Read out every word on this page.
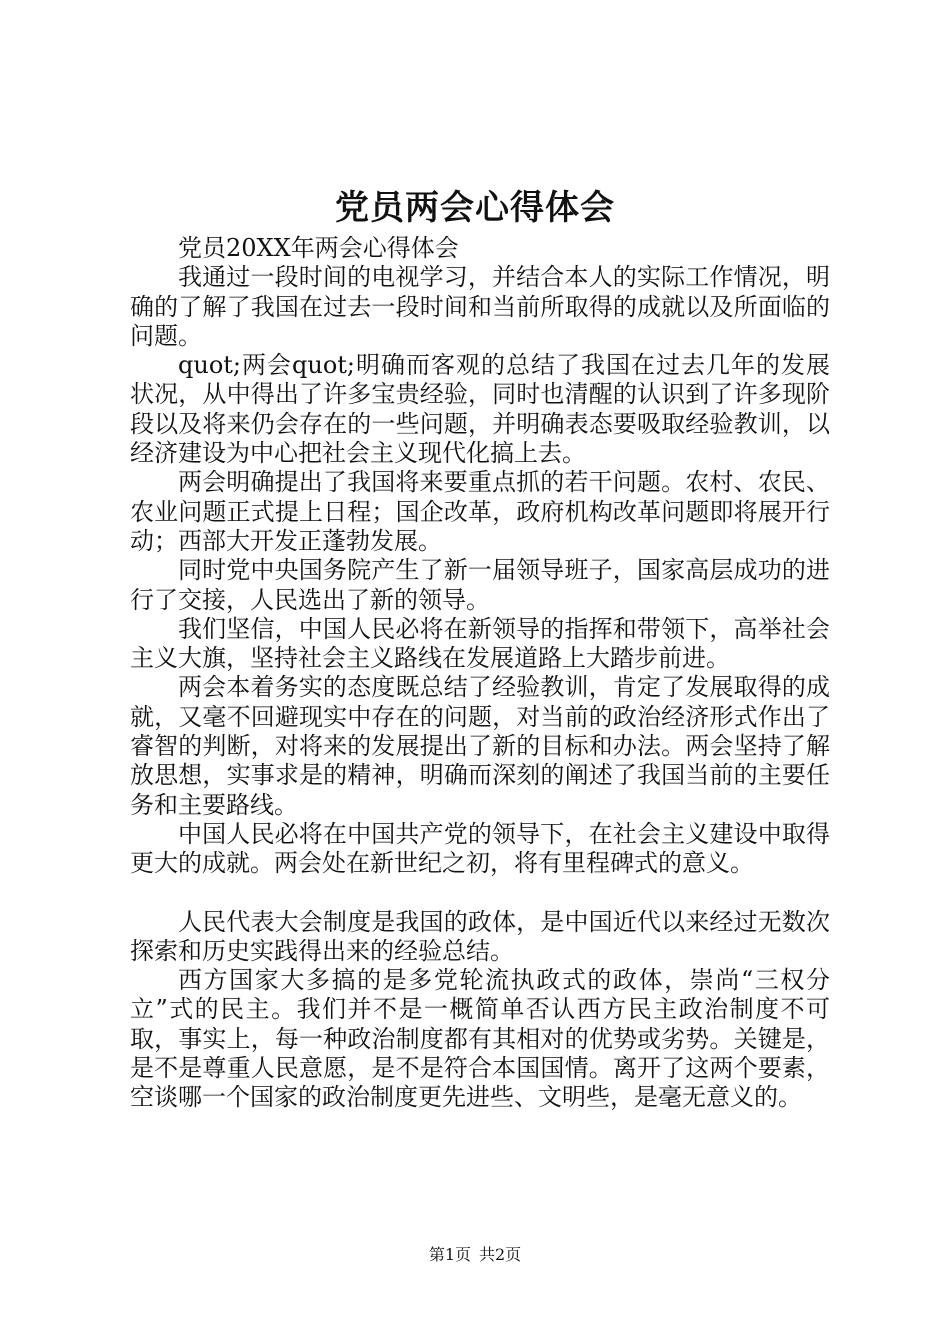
党员两会心得体会

党员20XX年两会心得体会

我通过一段时间的电视学习，并结合本人的实际工作情况，明确的了解了我国在过去一段时间和当前所取得的成就以及所面临的问题。

quot;两会quot;明确而客观的总结了我国在过去几年的发展状况，从中得出了许多宝贵经验，同时也清醒的认识到了许多现阶段以及将来仍会存在的一些问题，并明确表态要吸取经验教训，以经济建设为中心把社会主义现代化搞上去。

两会明确提出了我国将来要重点抓的若干问题。农村、农民、农业问题正式提上日程；国企改革，政府机构改革问题即将展开行动；西部大开发正蓬勃发展。

同时党中央国务院产生了新一届领导班子，国家高层成功的进行了交接，人民选出了新的领导。

我们坚信，中国人民必将在新领导的指挥和带领下，高举社会主义大旗，坚持社会主义路线在发展道路上大踏步前进。

两会本着务实的态度既总结了经验教训，肯定了发展取得的成就，又毫不回避现实中存在的问题，对当前的政治经济形式作出了睿智的判断，对将来的发展提出了新的目标和办法。两会坚持了解放思想，实事求是的精神，明确而深刻的阐述了我国当前的主要任务和主要路线。

中国人民必将在中国共产党的领导下，在社会主义建设中取得更大的成就。两会处在新世纪之初，将有里程碑式的意义。

人民代表大会制度是我国的政体，是中国近代以来经过无数次探索和历史实践得出来的经验总结。

西方国家大多搞的是多党轮流执政式的政体，崇尚“三权分立”式的民主。我们并不是一概简单否认西方民主政治制度不可取，事实上，每一种政治制度都有其相对的优势或劣势。关键是，是不是尊重人民意愿，是不是符合本国国情。离开了这两个要素，空谈哪一个国家的政治制度更先进些、文明些，是毫无意义的。

第1页 共2页
